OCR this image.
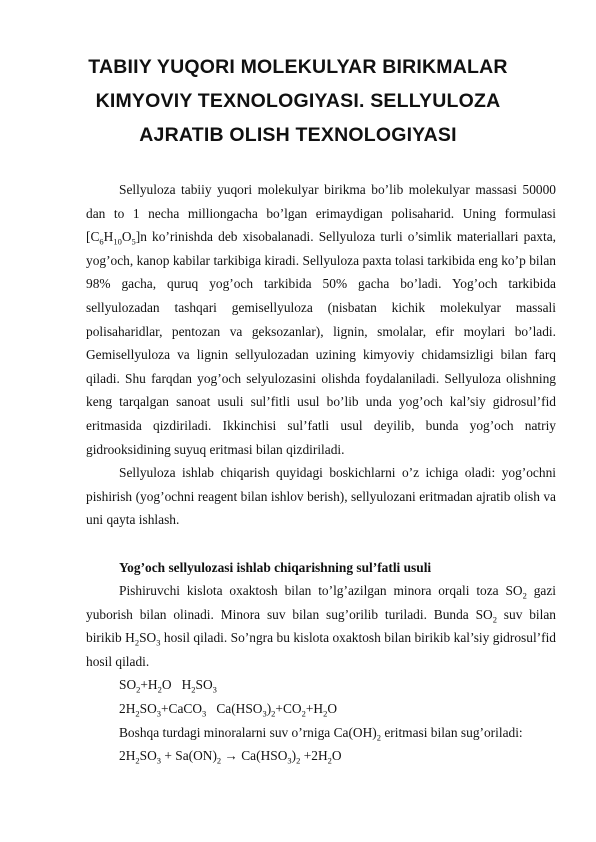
TABIIY YUQORI MOLEKULYAR BIRIKMALAR
KIMYOVIY TEXNOLOGIYASI. SELLYULOZA
AJRATIB OLISH TEXNOLOGIYASI

Sellyuloza tabiiy yuqori molekulyar birikma bo’lib molekulyar massasi 50000 dan to 1 necha milliongacha bo’lgan erimaydigan polisaharid. Uning formulasi $[C_6H_{10}O_5]n$ ko’rinishda deb xisobalanadi. Sellyuloza turli o’simlik materiallari paxta, yog’och, kanop kabilar tarkibiga kiradi. Sellyuloza paxta tolasi tarkibida eng ko’p bilan 98% gacha, quruq yog’och tarkibida 50% gacha bo’ladi. Yog’och tarkibida sellyulozadan tashqari gemisellyuloza (nisbatan kichik molekulyar massali polisaharidlar, pentozan va geksozanlar), lignin, smolalar, efir moylari bo’ladi. Gemisellyuloza va lignin sellyulozadan uzining kimyoviy chidamsizligi bilan farq qiladi. Shu farqdan yog’och selyulozasini olishda foydalaniladi. Sellyuloza olishning keng tarqalgan sanoat usuli sul’fitli usul bo’lib unda yog’och kal’siy gidrosul’fid eritmasida qizdiriladi. Ikkinchisi sul’fatli usul deyilib, bunda yog’och natriy gidrooksidining suyuq eritmasi bilan qizdiriladi.

Sellyuloza ishlab chiqarish quyidagi boskichlarni o’z ichiga oladi: yog’ochni pishirish (yog’ochni reagent bilan ishlov berish), sellyulozani eritmadan ajratib olish va uni qayta ishlash.

Yog’och sellyulozasi ishlab chiqarishning sul’fatli usuli

Pishiruvchi kislota oxaktosh bilan to’lg’azilgan minora orqali toza $SO_2$ gazi yuborish bilan olinadi. Minora suv bilan sug’orilib turiladi. Bunda $SO_2$ suv bilan birikib $H_2SO_3$ hosil qiladi. So’ngra bu kislota oxaktosh bilan birikib kal’siy gidrosul’fid hosil qiladi.

$SO_2+H_2O$   $H_2SO_3$

$2H_2SO_3+CaCO_3$   $Ca(HSO_3)_2+CO_2+H_2O$

Boshqa turdagi minoralarni suv o’rniga $Ca(OH)_2$ eritmasi bilan sug’oriladi:

$2H_2SO_3 + Sa(ON)_2 \to Ca(HSO_3)_2 +2H_2O$
